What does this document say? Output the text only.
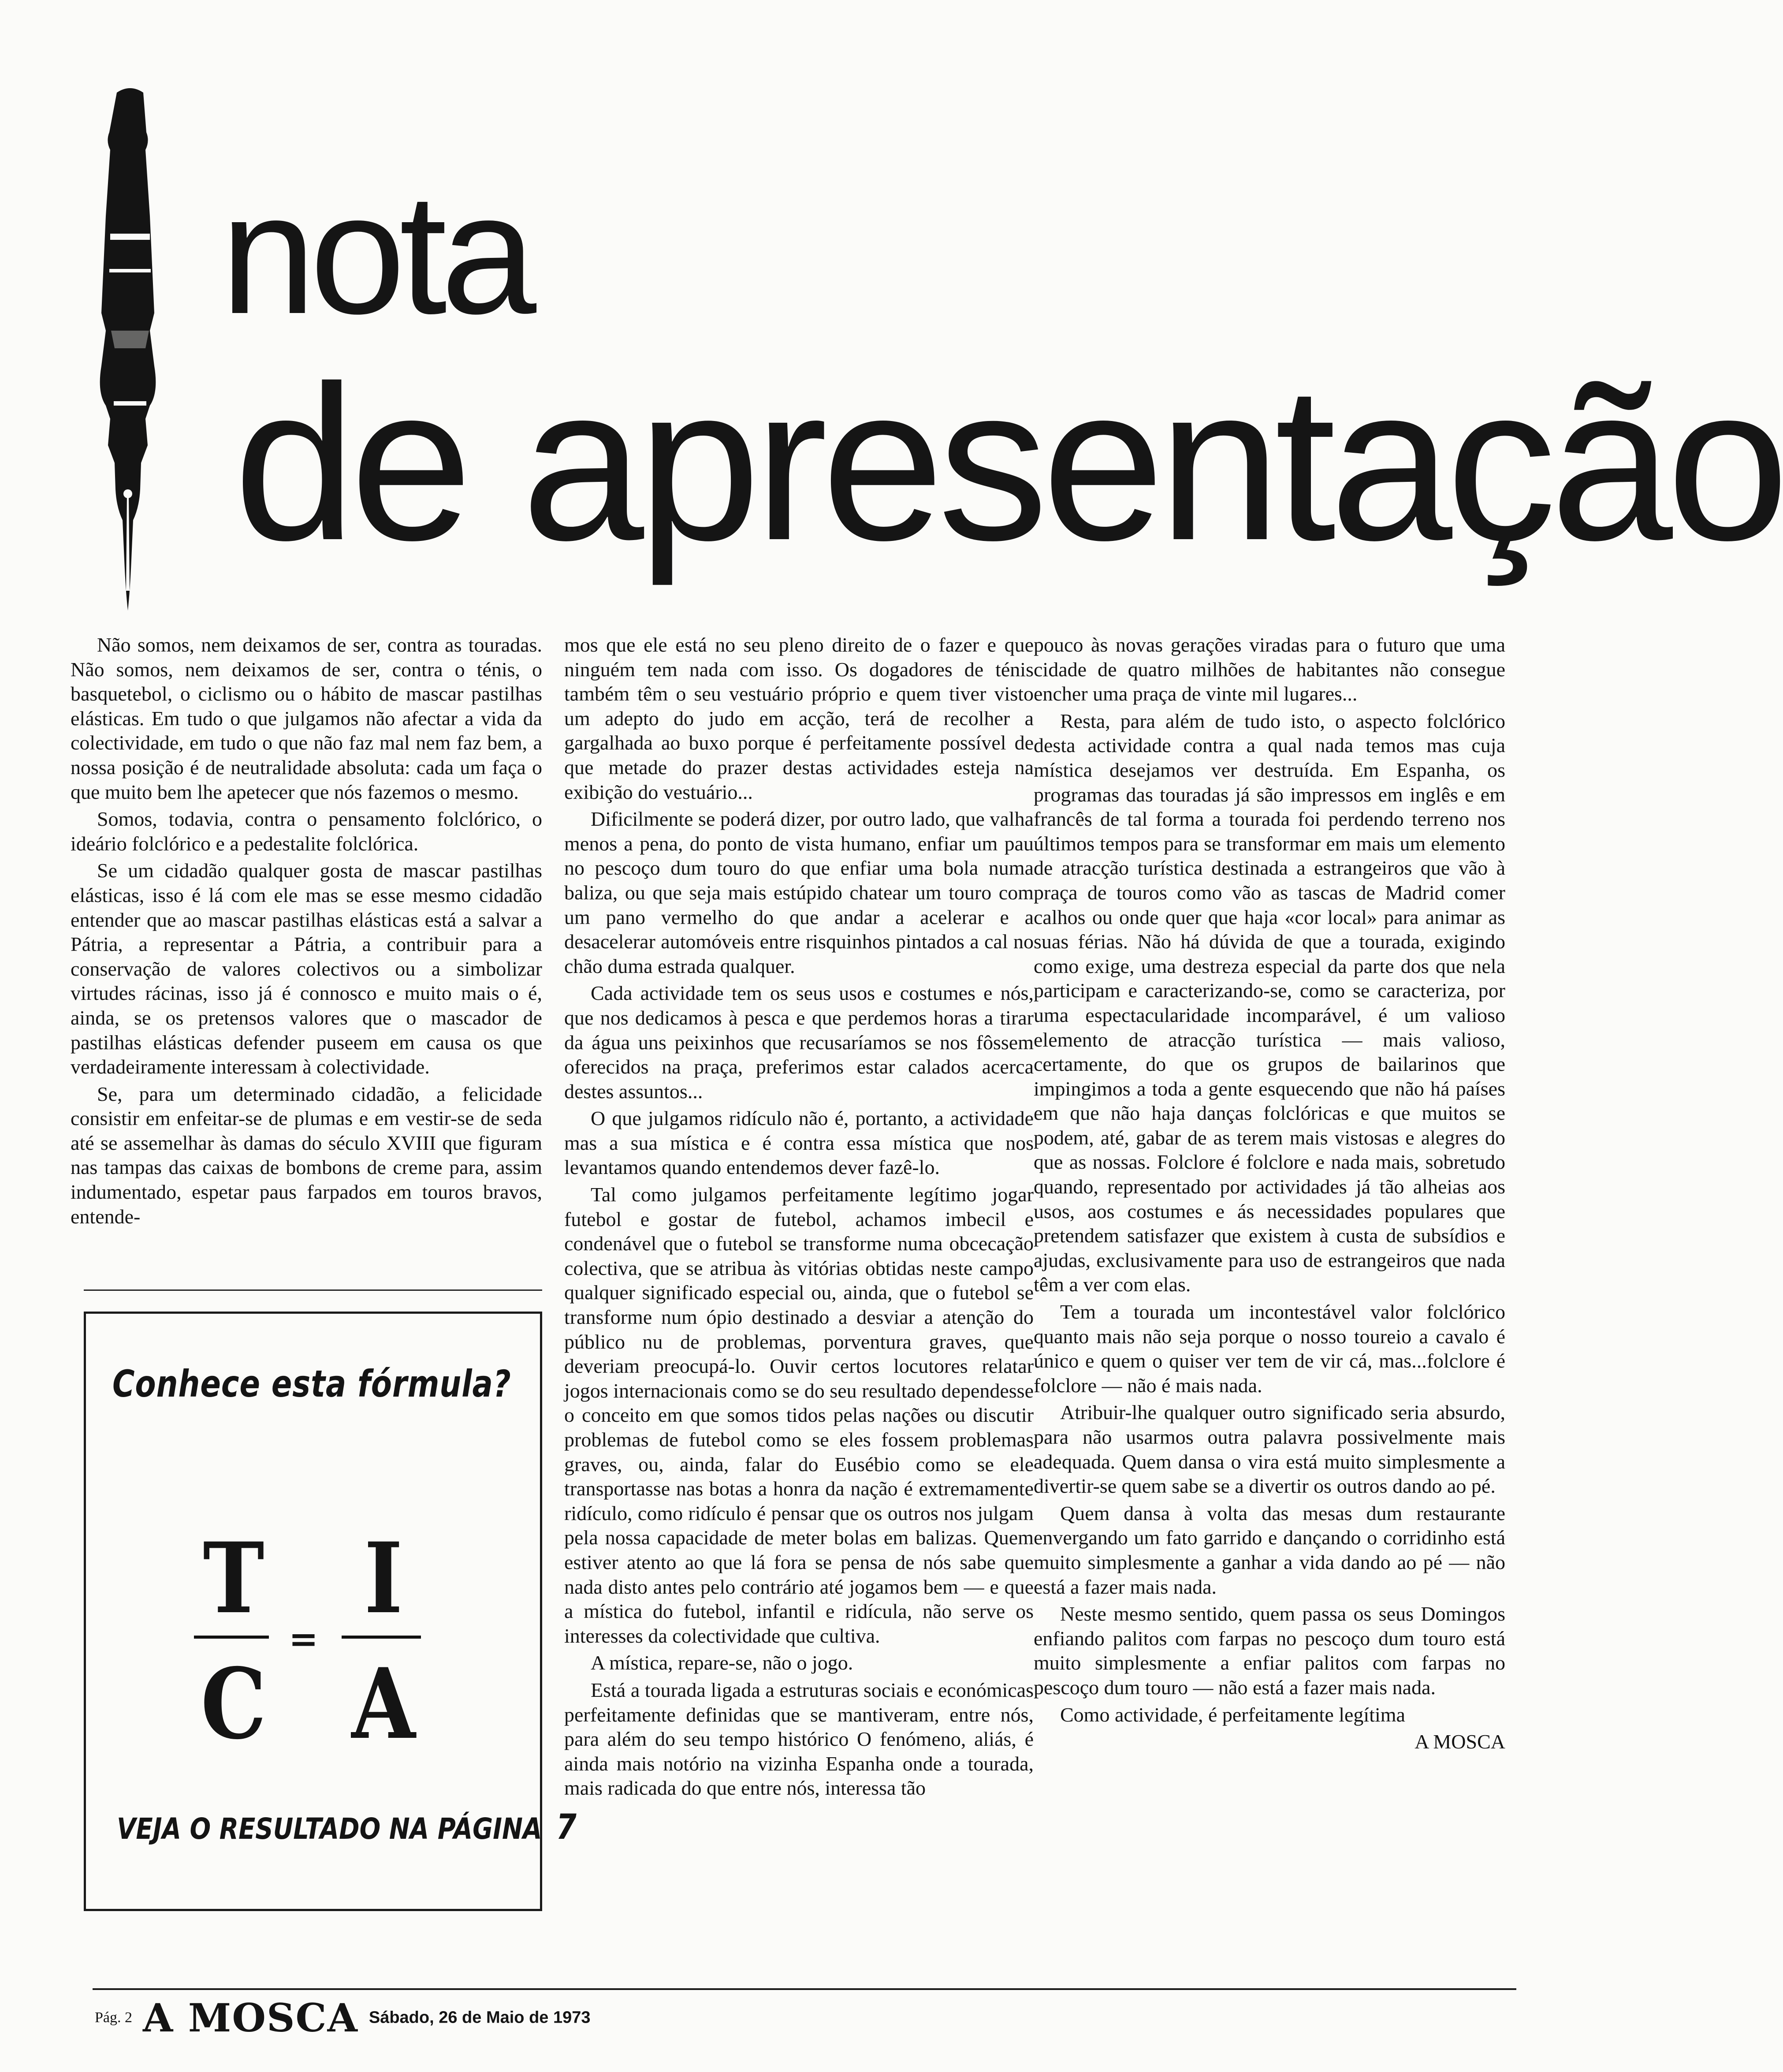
nota
de apresentação

Não somos, nem deixamos de ser, contra as touradas. Não somos, nem deixamos de ser, contra o ténis, o basquetebol, o ciclismo ou o hábito de mascar pastilhas elásticas. Em tudo o que julgamos não afectar a vida da colectividade, em tudo o que não faz mal nem faz bem, a nossa posição é de neutralidade absoluta: cada um faça o que muito bem lhe apetecer que nós fazemos o mesmo.

Somos, todavia, contra o pensamento folclórico, o ideário folclórico e a pedestalite folclórica.

Se um cidadão qualquer gosta de mascar pastilhas elásticas, isso é lá com ele mas se esse mesmo cidadão entender que ao mascar pastilhas elásticas está a salvar a Pátria, a representar a Pátria, a contribuir para a conservação de valores colectivos ou a simbolizar virtudes rácinas, isso já é connosco e muito mais o é, ainda, se os pretensos valores que o mascador de pastilhas elásticas defender puseem em causa os que verdadeiramente interessam à colectividade.

Se, para um determinado cidadão, a felicidade consistir em enfeitar-se de plumas e em vestir-se de seda até se assemelhar às damas do século XVIII que figuram nas tampas das caixas de bombons de creme para, assim indumentado, espetar paus farpados em touros bravos, entende-

Conhece esta fórmula?
T
C
=
I
A
VEJA O RESULTADO NA PÁGINA 7

mos que ele está no seu pleno direito de o fazer e que ninguém tem nada com isso. Os dogadores de ténis também têm o seu vestuário próprio e quem tiver visto um adepto do judo em acção, terá de recolher a gargalhada ao buxo porque é perfeitamente possível de que metade do prazer destas actividades esteja na exibição do vestuário...

Dificilmente se poderá dizer, por outro lado, que valha menos a pena, do ponto de vista humano, enfiar um pau no pescoço dum touro do que enfiar uma bola numa baliza, ou que seja mais estúpido chatear um touro com um pano vermelho do que andar a acelerar e a desacelerar automóveis entre risquinhos pintados a cal no chão duma estrada qualquer.

Cada actividade tem os seus usos e costumes e nós, que nos dedicamos à pesca e que perdemos horas a tirar da água uns peixinhos que recusaríamos se nos fôssem oferecidos na praça, preferimos estar calados acerca destes assuntos...

O que julgamos ridículo não é, portanto, a actividade mas a sua mística e é contra essa mística que nos levantamos quando entendemos dever fazê-lo.

Tal como julgamos perfeitamente legítimo jogar futebol e gostar de futebol, achamos imbecil e condenável que o futebol se transforme numa obcecação colectiva, que se atribua às vitórias obtidas neste campo qualquer significado especial ou, ainda, que o futebol se transforme num ópio destinado a desviar a atenção do público nu de problemas, porventura graves, que deveriam preocupá-lo. Ouvir certos locutores relatar jogos internacionais como se do seu resultado dependesse o conceito em que somos tidos pelas nações ou discutir problemas de futebol como se eles fossem problemas graves, ou, ainda, falar do Eusébio como se ele transportasse nas botas a honra da nação é extremamente ridículo, como ridículo é pensar que os outros nos julgam pela nossa capacidade de meter bolas em balizas. Quem estiver atento ao que lá fora se pensa de nós sabe que nada disto antes pelo contrário até jogamos bem — e que a mística do futebol, infantil e ridícula, não serve os interesses da colectividade que cultiva.

A mística, repare-se, não o jogo.

Está a tourada ligada a estruturas sociais e económicas perfeitamente definidas que se mantiveram, entre nós, para além do seu tempo histórico O fenómeno, aliás, é ainda mais notório na vizinha Espanha onde a tourada, mais radicada do que entre nós, interessa tão

pouco às novas gerações viradas para o futuro que uma cidade de quatro milhões de habitantes não consegue encher uma praça de vinte mil lugares...

Resta, para além de tudo isto, o aspecto folclórico desta actividade contra a qual nada temos mas cuja mística desejamos ver destruída. Em Espanha, os programas das touradas já são impressos em inglês e em francês de tal forma a tourada foi perdendo terreno nos últimos tempos para se transformar em mais um elemento de atracção turística destinada a estrangeiros que vão à praça de touros como vão as tascas de Madrid comer calhos ou onde quer que haja «cor local» para animar as suas férias. Não há dúvida de que a tourada, exigindo como exige, uma destreza especial da parte dos que nela participam e caracterizando-se, como se caracteriza, por uma espectacularidade incomparável, é um valioso elemento de atracção turística — mais valioso, certamente, do que os grupos de bailarinos que impingimos a toda a gente esquecendo que não há países em que não haja danças folclóricas e que muitos se podem, até, gabar de as terem mais vistosas e alegres do que as nossas. Folclore é folclore e nada mais, sobretudo quando, representado por actividades já tão alheias aos usos, aos costumes e ás necessidades populares que pretendem satisfazer que existem à custa de subsídios e ajudas, exclusivamente para uso de estrangeiros que nada têm a ver com elas.

Tem a tourada um incontestável valor folclórico quanto mais não seja porque o nosso toureio a cavalo é único e quem o quiser ver tem de vir cá, mas...folclore é folclore — não é mais nada.

Atribuir-lhe qualquer outro significado seria absurdo, para não usarmos outra palavra possivelmente mais adequada. Quem dansa o vira está muito simplesmente a divertir-se quem sabe se a divertir os outros dando ao pé.

Quem dansa à volta das mesas dum restaurante envergando um fato garrido e dançando o corridinho está muito simplesmente a ganhar a vida dando ao pé — não está a fazer mais nada.

Neste mesmo sentido, quem passa os seus Domingos enfiando palitos com farpas no pescoço dum touro está muito simplesmente a enfiar palitos com farpas no pescoço dum touro — não está a fazer mais nada.

Como actividade, é perfeitamente legítima

A MOSCA

Pág. 2 A MOSCA Sábado, 26 de Maio de 1973
